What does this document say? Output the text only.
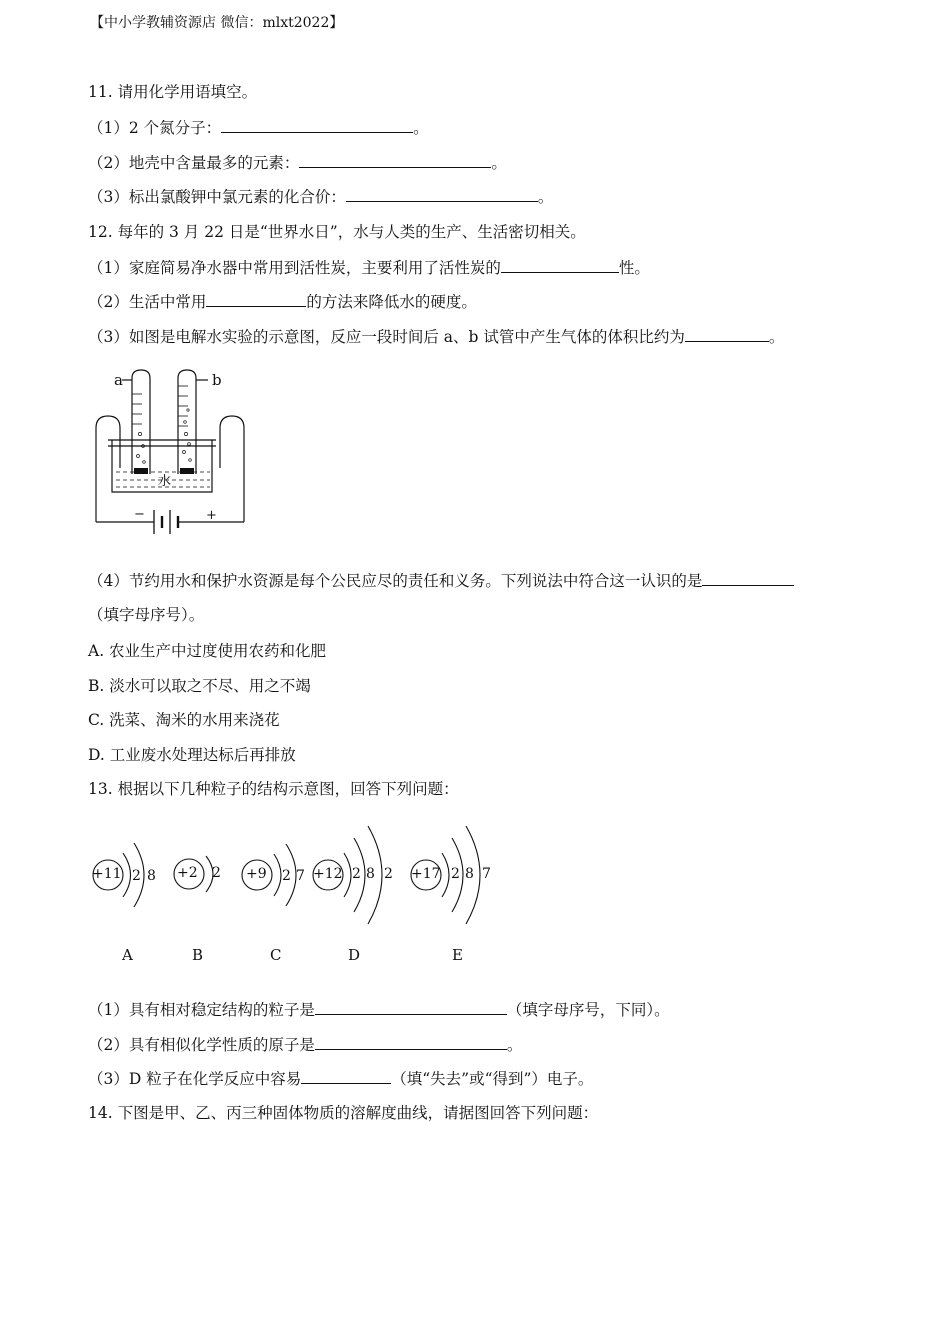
【中小学教辅资源店 微信：mlxt2022】
11. 请用化学用语填空。
（1）2 个氮分子：	。
（2）地壳中含量最多的元素：	。
（3）标出氯酸钾中氯元素的化合价：	。
12. 每年的 3 月 22 日是“世界水日”，水与人类的生产、生活密切相关。
（1）家庭简易净水器中常用到活性炭，主要利用了活性炭的	性。
（2）生活中常用	的方法来降低水的硬度。
（3）如图是电解水实验的示意图，反应一段时间后 a、b 试管中产生气体的体积比约为	。
a	b
水
−	+
（4）节约用水和保护水资源是每个公民应尽的责任和义务。下列说法中符合这一认识的是
（填字母序号）。
A. 农业生产中过度使用农药和化肥
B. 淡水可以取之不尽、用之不竭
C. 洗菜、淘米的水用来浇花
D. 工业废水处理达标后再排放
13. 根据以下几种粒子的结构示意图，回答下列问题：
+11 2 8 +2 2 +9 2 7 +12 2 8 2 +17 2 8 7
A	B	C	D	E
（1）具有相对稳定结构的粒子是	（填字母序号，下同）。
（2）具有相似化学性质的原子是	。
（3）D 粒子在化学反应中容易	（填“失去”或“得到”）电子。
14. 下图是甲、乙、丙三种固体物质的溶解度曲线，请据图回答下列问题：
